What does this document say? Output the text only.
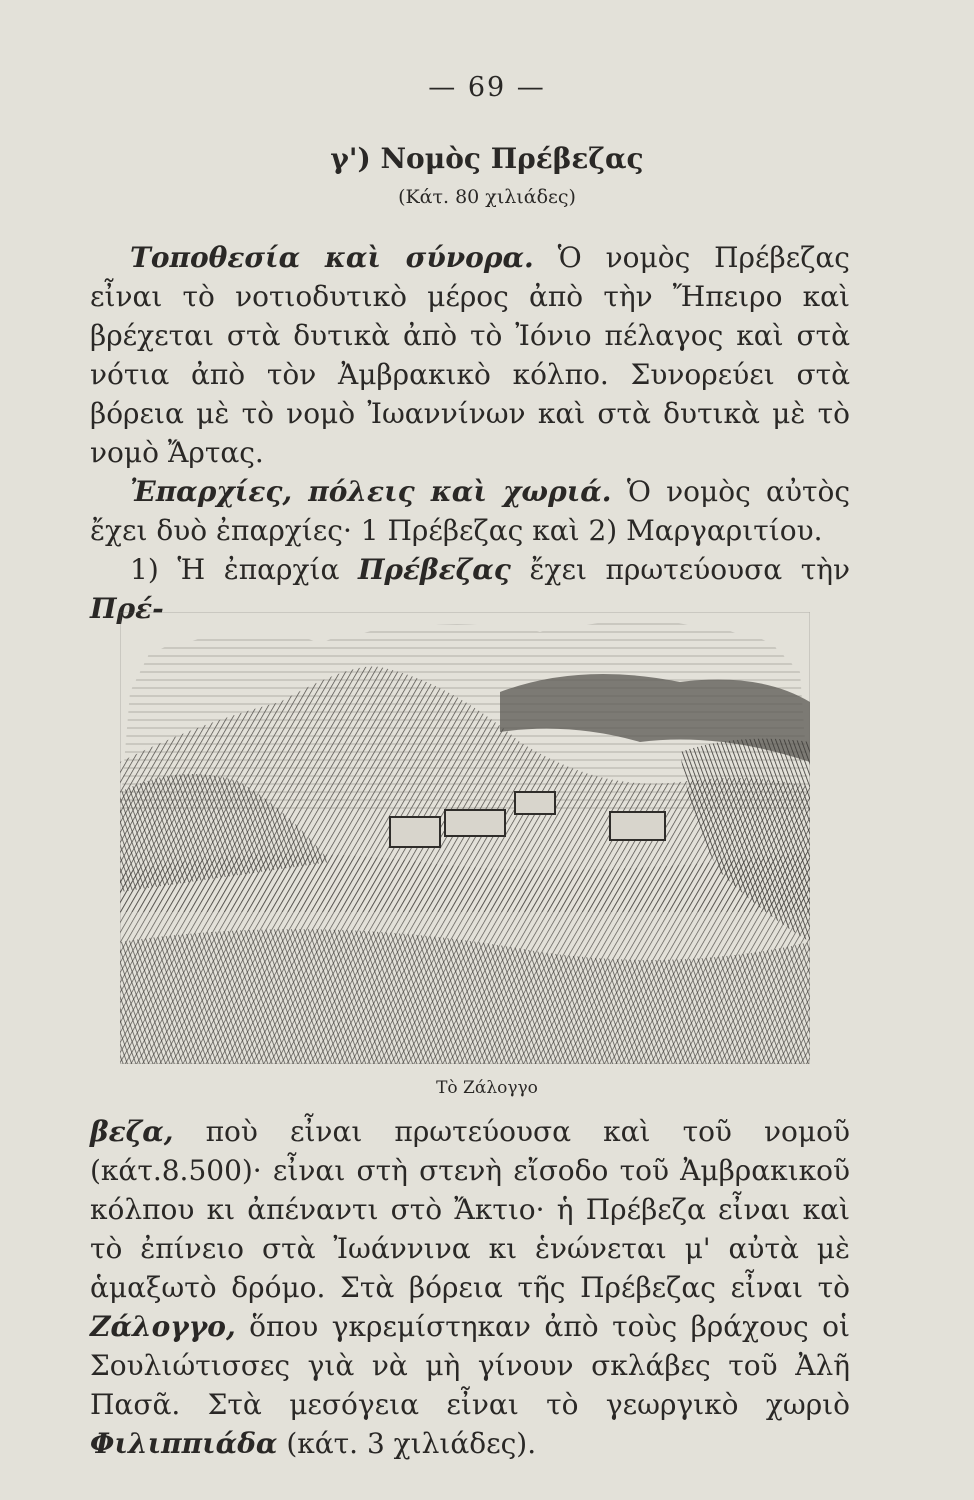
— 69 —
γ') Νομὸς Πρέβεζας
(Κάτ. 80 χιλιάδες)

Τοποθεσία καὶ σύνορα. Ὁ νομὸς Πρέβεζας εἶναι τὸ νοτιοδυτικὸ μέρος ἀπὸ τὴν Ἤπειρο καὶ βρέχεται στὰ δυτικὰ ἀπὸ τὸ Ἰόνιο πέλαγος καὶ στὰ νότια ἀπὸ τὸν Ἀμβρακικὸ κόλπο. Συνορεύει στὰ βόρεια μὲ τὸ νομὸ Ἰωαννίνων καὶ στὰ δυτικὰ μὲ τὸ νομὸ Ἄρτας.

Ἐπαρχίες, πόλεις καὶ χωριά. Ὁ νομὸς αὐτὸς ἔχει δυὸ ἐπαρχίες· 1 Πρέβεζας καὶ 2) Μαργαριτίου.

1) Ἡ ἐπαρχία Πρέβεζας ἔχει πρωτεύουσα τὴν Πρέ-

Τὸ Ζάλογγο

βεζα, ποὺ εἶναι πρωτεύουσα καὶ τοῦ νομοῦ (κάτ.8.500)· εἶναι στὴ στενὴ εἴσοδο τοῦ Ἀμβρακικοῦ κόλπου κι ἀπέναντι στὸ Ἄκτιο· ἡ Πρέβεζα εἶναι καὶ τὸ ἐπίνειο στὰ Ἰωάννινα κι ἑνώνεται μ' αὐτὰ μὲ ἁμαξωτὸ δρόμο. Στὰ βόρεια τῆς Πρέβεζας εἶναι τὸ Ζάλογγο, ὅπου γκρεμίστηκαν ἀπὸ τοὺς βράχους οἱ Σουλιώτισσες γιὰ νὰ μὴ γίνουν σκλάβες τοῦ Ἀλῆ Πασᾶ. Στὰ μεσόγεια εἶναι τὸ γεωργικὸ χωριὸ Φιλιππιάδα (κάτ. 3 χιλιάδες).
